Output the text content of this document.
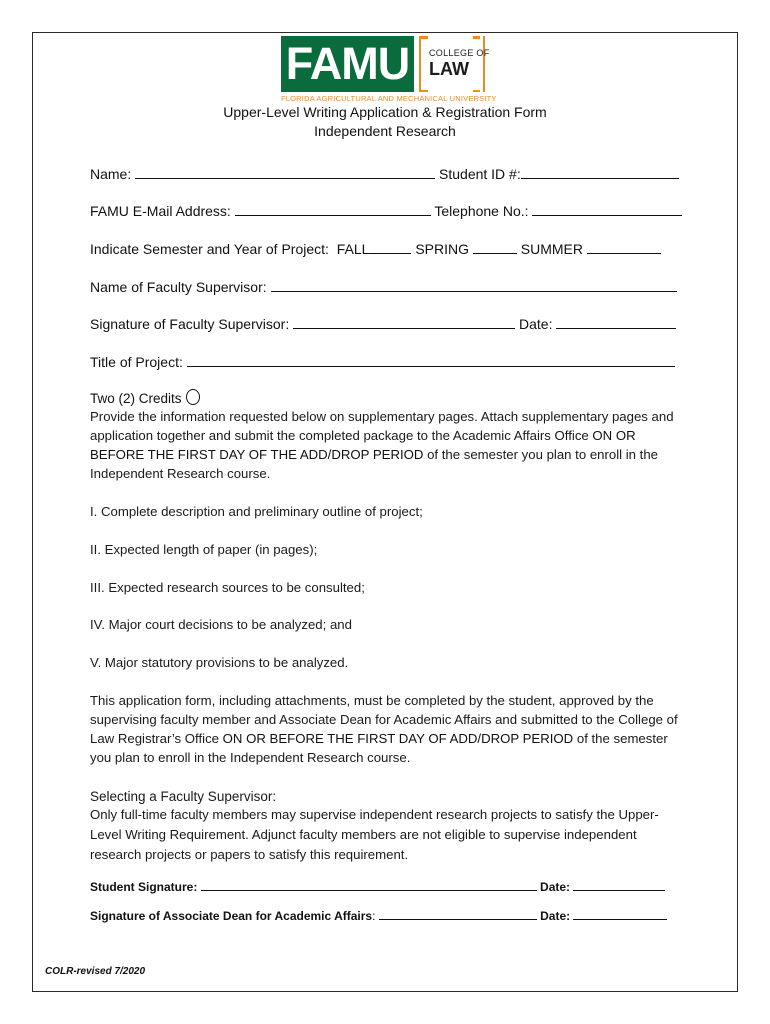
FAMU	COLLEGE OF
LAW
FLORIDA AGRICULTURAL AND MECHANICAL UNIVERSITY
Upper-Level Writing Application & Registration Form
Independent Research
Name:	Student ID #:
FAMU E-Mail Address:	Telephone No.:
Indicate Semester and Year of Project: FALL	SPRING	SUMMER
Name of Faculty Supervisor:
Signature of Faculty Supervisor:	Date:
Title of Project:
Two (2) Credits
Provide the information requested below on supplementary pages. Attach supplementary pages and application together and submit the completed package to the Academic Affairs Office ON OR BEFORE THE FIRST DAY OF THE ADD/DROP PERIOD of the semester you plan to enroll in the Independent Research course.
I. Complete description and preliminary outline of project;
II. Expected length of paper (in pages);
III. Expected research sources to be consulted;
IV. Major court decisions to be analyzed; and
V. Major statutory provisions to be analyzed.
This application form, including attachments, must be completed by the student, approved by the supervising faculty member and Associate Dean for Academic Affairs and submitted to the College of Law Registrar’s Office ON OR BEFORE THE FIRST DAY OF ADD/DROP PERIOD of the semester you plan to enroll in the Independent Research course.
Selecting a Faculty Supervisor:
Only full-time faculty members may supervise independent research projects to satisfy the Upper-Level Writing Requirement. Adjunct faculty members are not eligible to supervise independent research projects or papers to satisfy this requirement.
Student Signature:	Date:
Signature of Associate Dean for Academic Affairs:	Date:
COLR-revised 7/2020
